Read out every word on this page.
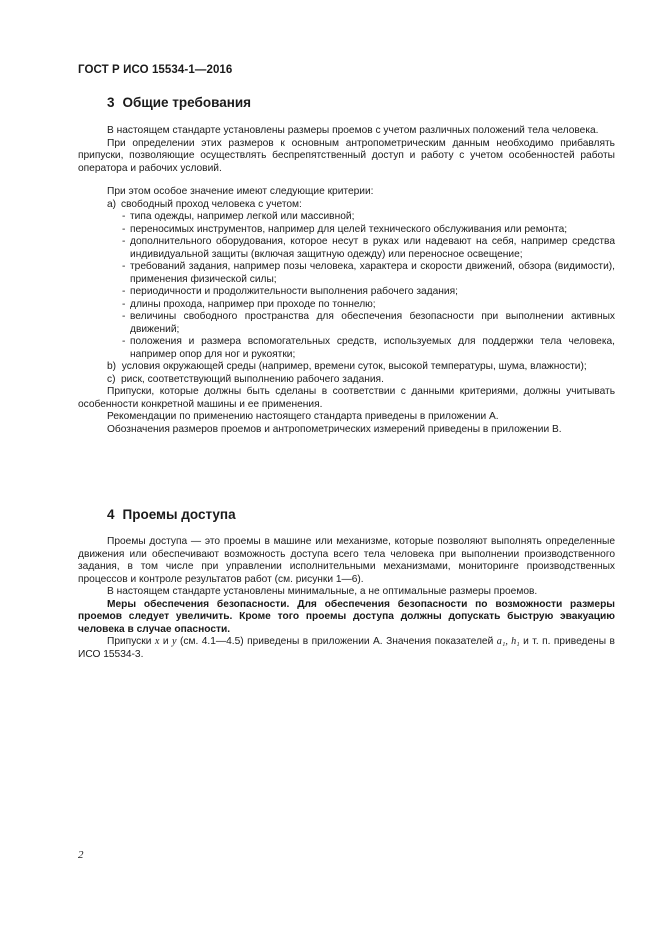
ГОСТ Р ИСО 15534-1—2016
3 Общие требования

В настоящем стандарте установлены размеры проемов с учетом различных положений тела человека.

При определении этих размеров к основным антропометрическим данным необходимо прибавлять припуски, позволяющие осуществлять беспрепятственный доступ и работу с учетом особенностей работы оператора и рабочих условий.

При этом особое значение имеют следующие критерии:

а) свободный проход человека с учетом:

- типа одежды, например легкой или массивной;
- переносимых инструментов, например для целей технического обслуживания или ремонта;
- дополнительного оборудования, которое несут в руках или надевают на себя, например средства индивидуальной защиты (включая защитную одежду) или переносное освещение;
- требований задания, например позы человека, характера и скорости движений, обзора (видимости), применения физической силы;
- периодичности и продолжительности выполнения рабочего задания;
- длины прохода, например при проходе по тоннелю;
- величины свободного пространства для обеспечения безопасности при выполнении активных движений;
- положения и размера вспомогательных средств, используемых для поддержки тела человека, например опор для ног и рукоятки;

b) условия окружающей среды (например, времени суток, высокой температуры, шума, влажности);

c) риск, соответствующий выполнению рабочего задания.

Припуски, которые должны быть сделаны в соответствии с данными критериями, должны учитывать особенности конкретной машины и ее применения.

Рекомендации по применению настоящего стандарта приведены в приложении А.

Обозначения размеров проемов и антропометрических измерений приведены в приложении В.

4 Проемы доступа

Проемы доступа — это проемы в машине или механизме, которые позволяют выполнять определенные движения или обеспечивают возможность доступа всего тела человека при выполнении производственного задания, в том числе при управлении исполнительными механизмами, мониторинге производственных процессов и контроле результатов работ (см. рисунки 1—6).

В настоящем стандарте установлены минимальные, а не оптимальные размеры проемов.

Меры обеспечения безопасности. Для обеспечения безопасности по возможности размеры проемов следует увеличить. Кроме того проемы доступа должны допускать быструю эвакуацию человека в случае опасности.

Припуски x и y (см. 4.1—4.5) приведены в приложении А. Значения показателей a₁, h₁ и т. п. приведены в ИСО 15534-3.

2
